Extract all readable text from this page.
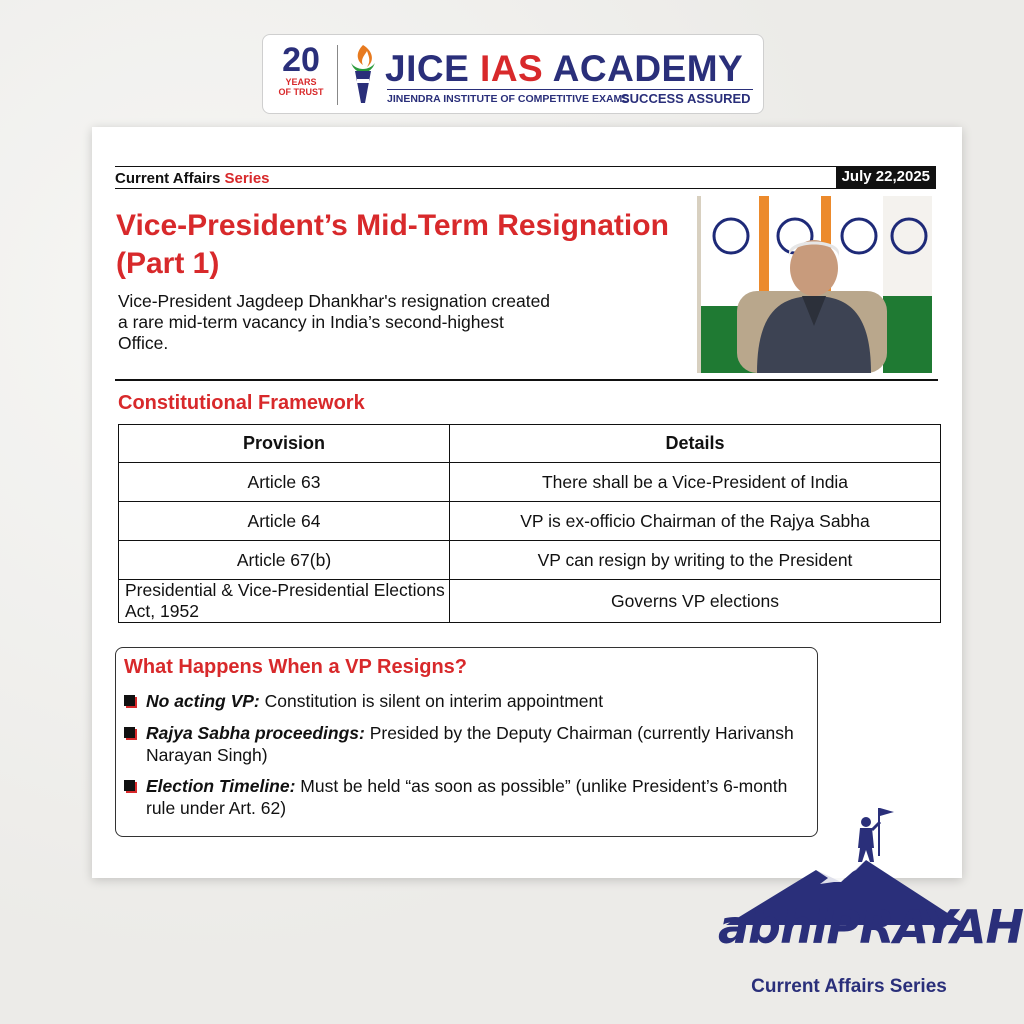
20
YEARS
OF TRUST
JICE IAS ACADEMY
JINENDRA INSTITUTE OF COMPETITIVE EXAMS
SUCCESS ASSURED
Current Affairs Series	July 22,2025
Vice-President’s Mid-Term Resignation (Part 1)
Vice-President Jagdeep Dhankhar's resignation created a rare mid-term vacancy in India’s second-highest Office.
Constitutional Framework
Provision	Details
Article 63	There shall be a Vice-President of India
Article 64	VP is ex-officio Chairman of the Rajya Sabha
Article 67(b)	VP can resign by writing to the President
Presidential & Vice-Presidential Elections Act, 1952	Governs VP elections
What Happens When a VP Resigns?
No acting VP: Constitution is silent on interim appointment
Rajya Sabha proceedings: Presided by the Deputy Chairman (currently Harivansh Narayan Singh)
Election Timeline: Must be held “as soon as possible” (unlike President’s 6-month rule under Art. 62)
abhiPRAYAH
Current Affairs Series
